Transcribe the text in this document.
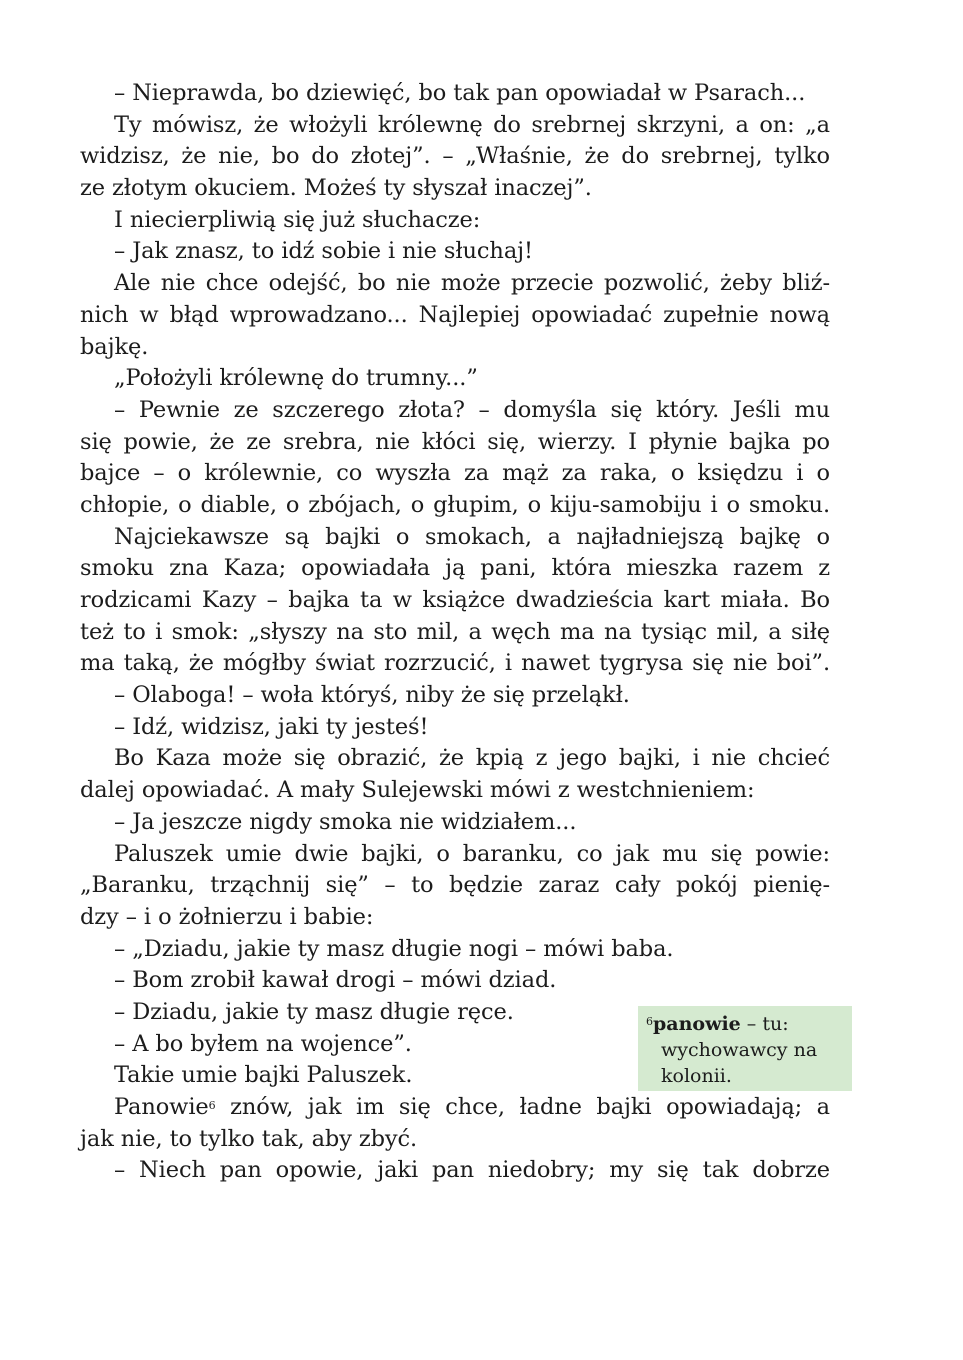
– Nieprawda, bo dziewięć, bo tak pan opowiadał w Psarach...
Ty mówisz, że włożyli królewnę do srebrnej skrzyni, a on: „a
widzisz, że nie, bo do złotej”. – „Właśnie, że do srebrnej, tylko
ze złotym okuciem. Możeś ty słyszał inaczej”.
I niecierpliwią się już słuchacze:
– Jak znasz, to idź sobie i nie słuchaj!
Ale nie chce odejść, bo nie może przecie pozwolić, żeby bliź-
nich w błąd wprowadzano... Najlepiej opowiadać zupełnie nową
bajkę.
„Położyli królewnę do trumny...”
– Pewnie ze szczerego złota? – domyśla się który. Jeśli mu
się powie, że ze srebra, nie kłóci się, wierzy. I płynie bajka po
bajce – o królewnie, co wyszła za mąż za raka, o księdzu i o
chłopie, o diable, o zbójach, o głupim, o kiju-samobiju i o smoku.
Najciekawsze są bajki o smokach, a najładniejszą bajkę o
smoku zna Kaza; opowiadała ją pani, która mieszka razem z
rodzicami Kazy – bajka ta w książce dwadzieścia kart miała. Bo
też to i smok: „słyszy na sto mil, a węch ma na tysiąc mil, a siłę
ma taką, że mógłby świat rozrzucić, i nawet tygrysa się nie boi”.
– Olaboga! – woła któryś, niby że się przeląkł.
– Idź, widzisz, jaki ty jesteś!
Bo Kaza może się obrazić, że kpią z jego bajki, i nie chcieć
dalej opowiadać. A mały Sulejewski mówi z westchnieniem:
– Ja jeszcze nigdy smoka nie widziałem...
Paluszek umie dwie bajki, o baranku, co jak mu się powie:
„Baranku, trząchnij się” – to będzie zaraz cały pokój pienię-
dzy – i o żołnierzu i babie:
– „Dziadu, jakie ty masz długie nogi – mówi baba.
– Bom zrobił kawał drogi – mówi dziad.
– Dziadu, jakie ty masz długie ręce.
– A bo byłem na wojence”.
Takie umie bajki Paluszek.
Panowie$^6$ znów, jak im się chce, ładne bajki opowiadają; a
jak nie, to tylko tak, aby zbyć.
– Niech pan opowie, jaki pan niedobry; my się tak dobrze
$^6$panowie – tu:
wychowawcy na
kolonii.
